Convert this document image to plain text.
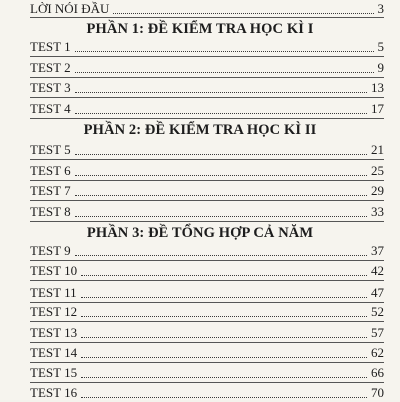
LỜI NÓI ĐẦU	3
PHẦN 1: ĐỀ KIỂM TRA HỌC KÌ I
TEST 1	5
TEST 2	9
TEST 3	13
TEST 4	17
PHẦN 2: ĐỀ KIỂM TRA HỌC KÌ II
TEST 5	21
TEST 6	25
TEST 7	29
TEST 8	33
PHẦN 3: ĐỀ TỔNG HỢP CẢ NĂM
TEST 9	37
TEST 10	42
TEST 11	47
TEST 12	52
TEST 13	57
TEST 14	62
TEST 15	66
TEST 16	70
